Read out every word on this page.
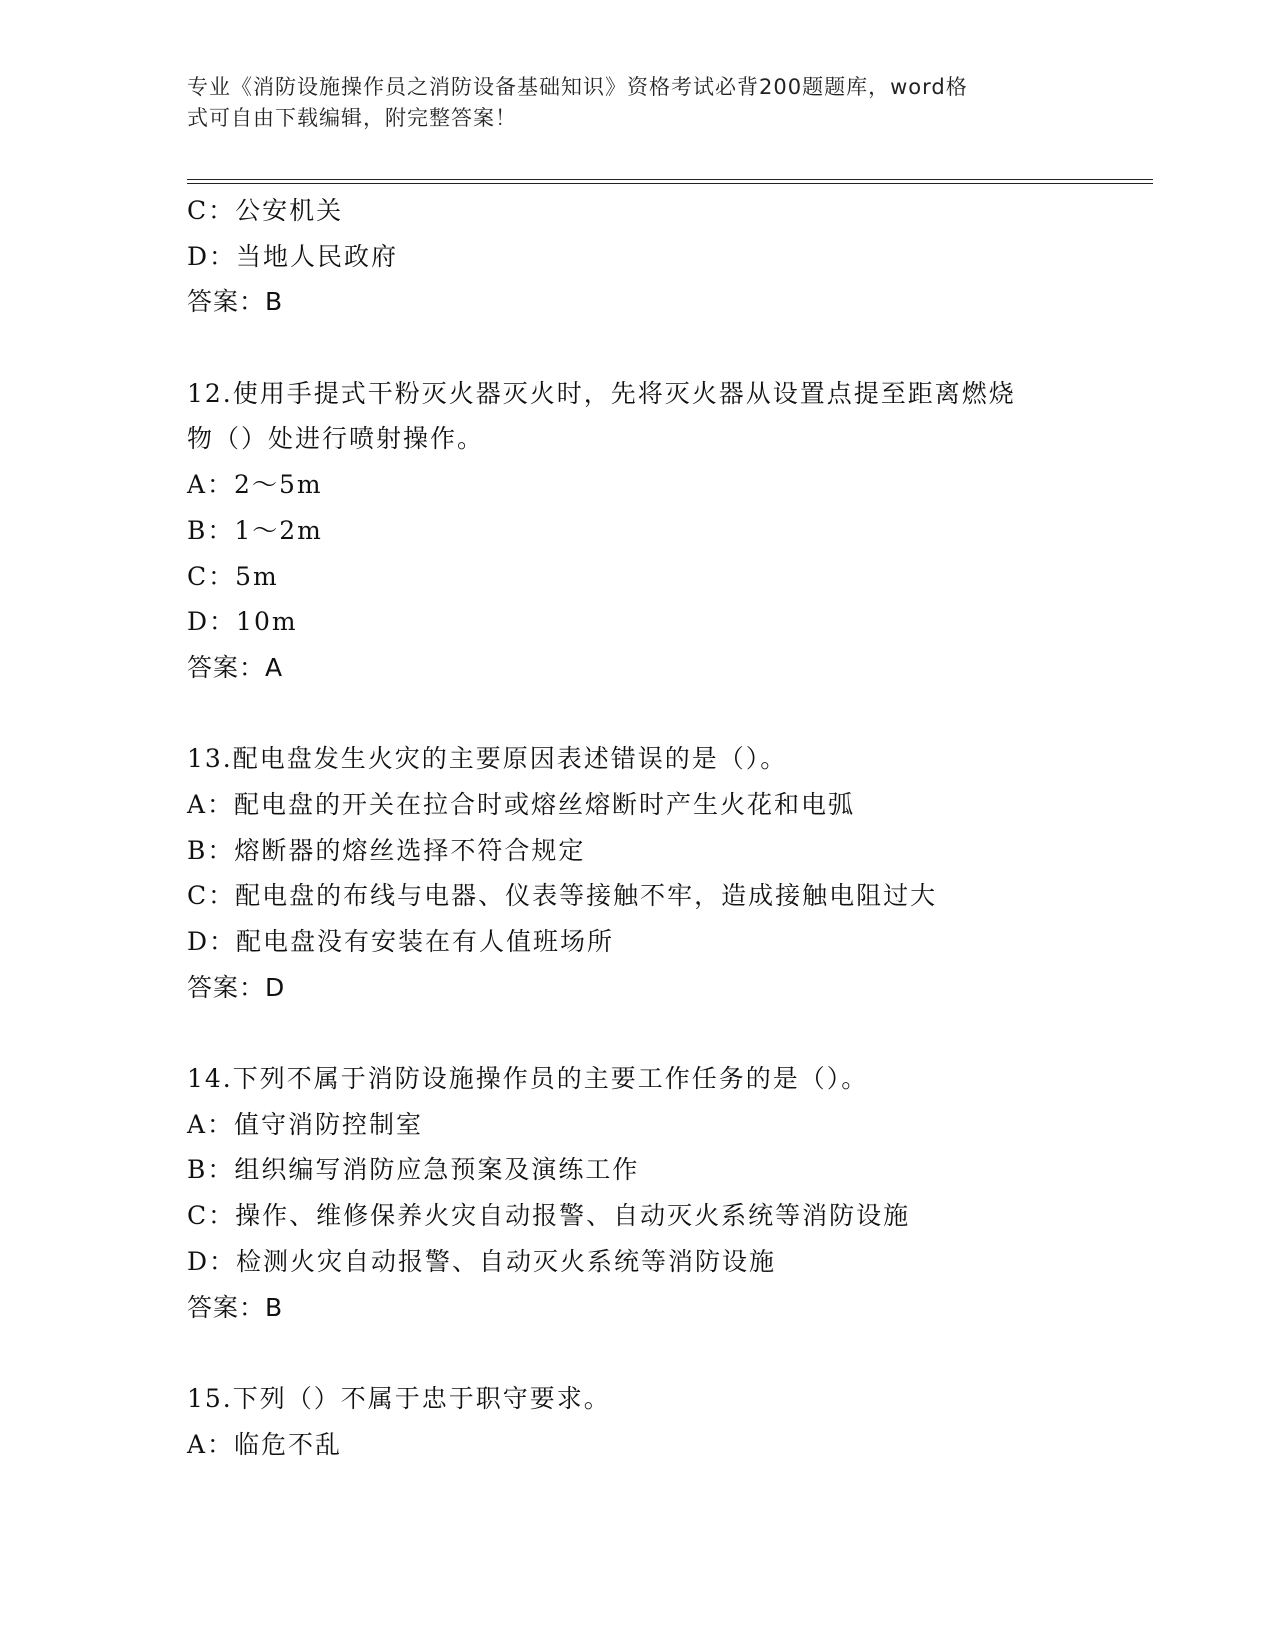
专业《消防设施操作员之消防设备基础知识》资格考试必背200题题库，word格
式可自由下载编辑，附完整答案！
C：公安机关
D：当地人民政府
答案：B
12.使用手提式干粉灭火器灭火时，先将灭火器从设置点提至距离燃烧
物（）处进行喷射操作。
A：2～5m
B：1～2m
C：5m
D：10m
答案：A
13.配电盘发生火灾的主要原因表述错误的是（）。
A：配电盘的开关在拉合时或熔丝熔断时产生火花和电弧
B：熔断器的熔丝选择不符合规定
C：配电盘的布线与电器、仪表等接触不牢，造成接触电阻过大
D：配电盘没有安装在有人值班场所
答案：D
14.下列不属于消防设施操作员的主要工作任务的是（）。
A：值守消防控制室
B：组织编写消防应急预案及演练工作
C：操作、维修保养火灾自动报警、自动灭火系统等消防设施
D：检测火灾自动报警、自动灭火系统等消防设施
答案：B
15.下列（）不属于忠于职守要求。
A：临危不乱
